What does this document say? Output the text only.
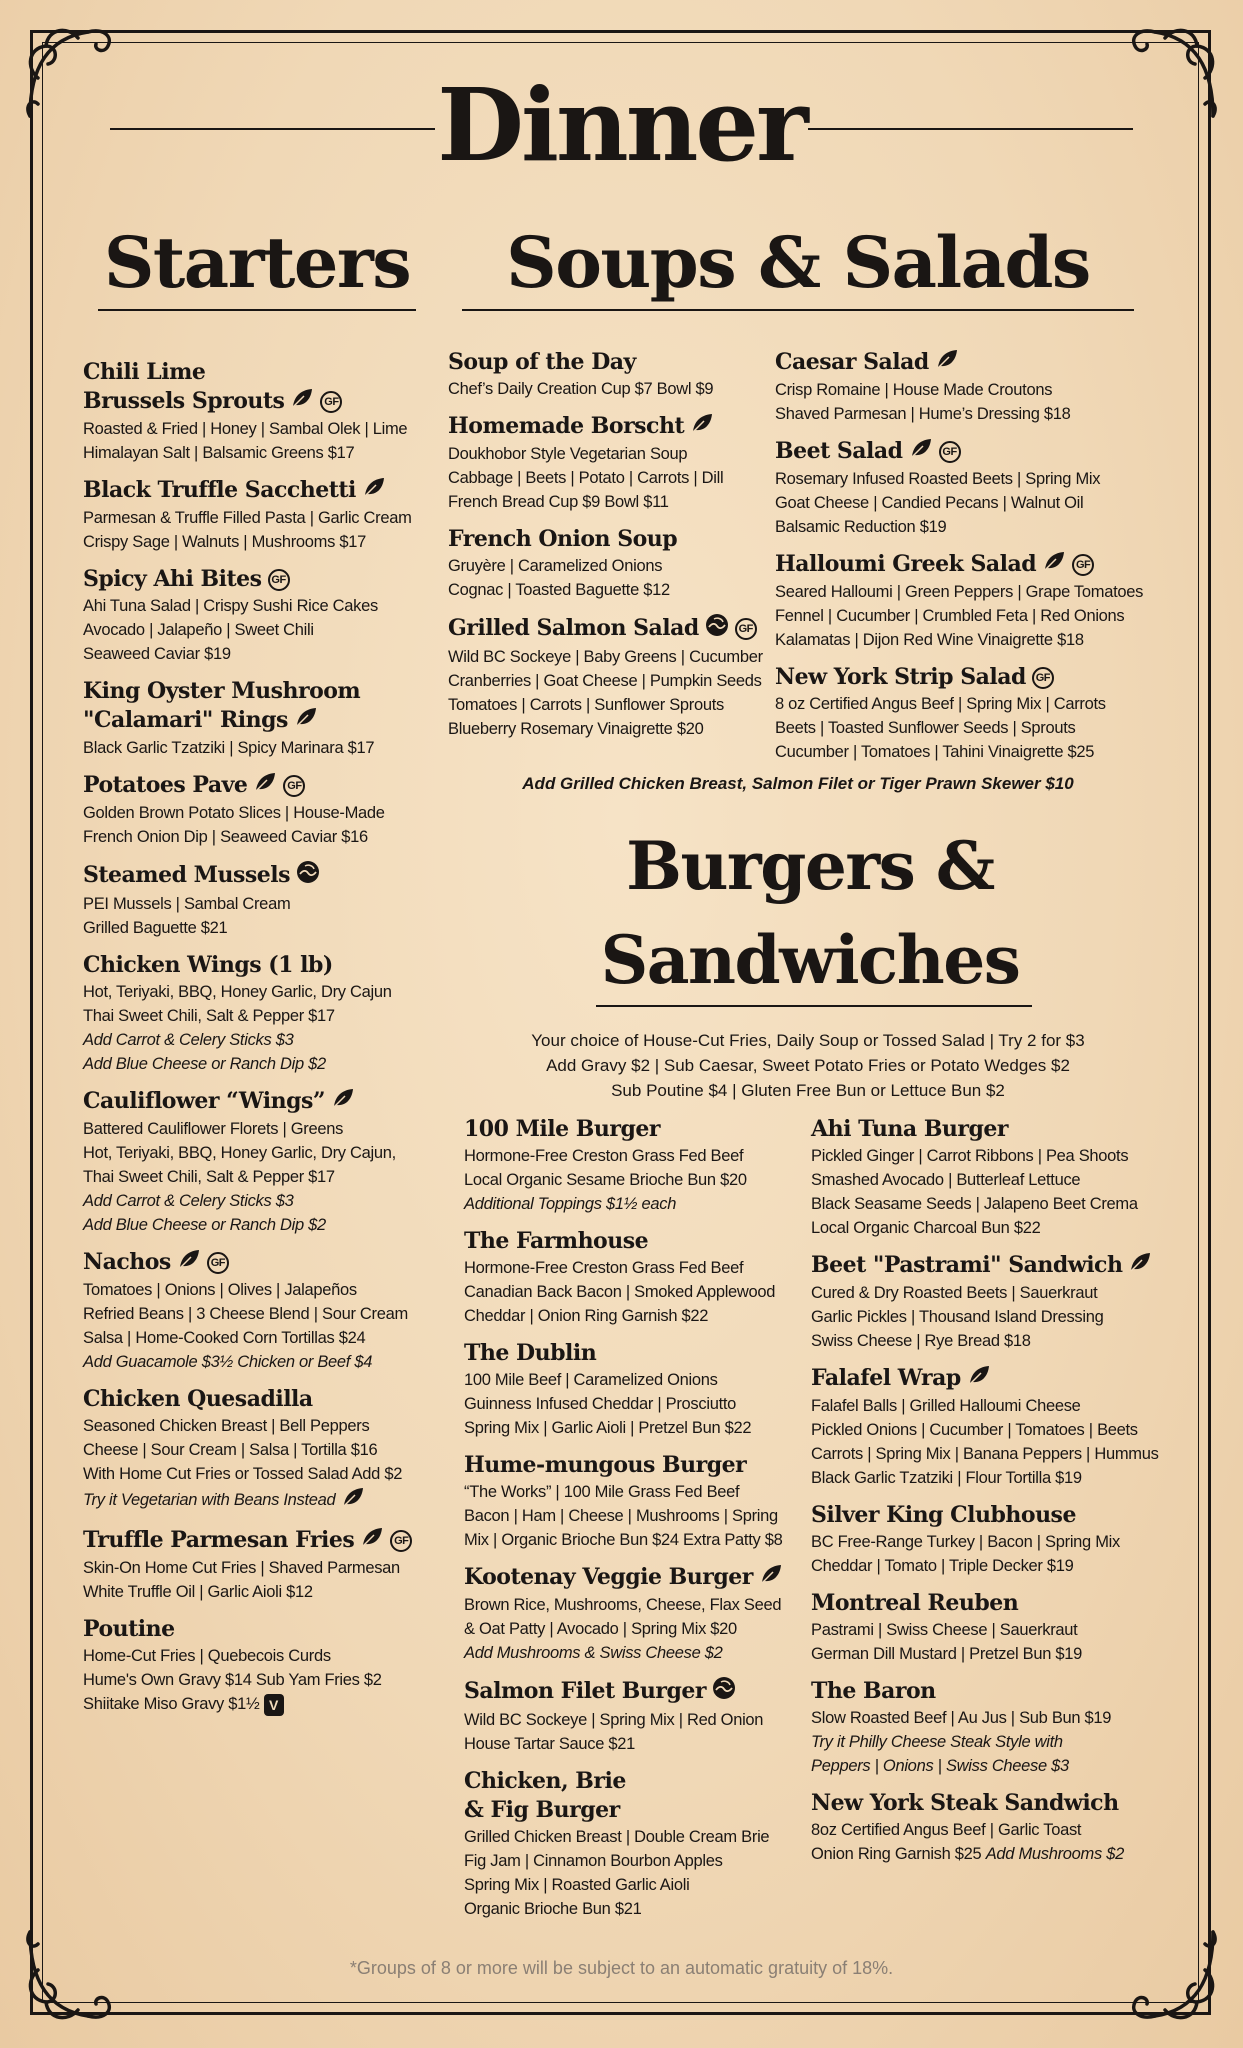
Dinner
Starters	Soups & Salads
Chili Lime
Brussels Sprouts	GF
Roasted & Fried | Honey | Sambal Olek | Lime
Himalayan Salt | Balsamic Greens $17
Black Truffle Sacchetti
Parmesan & Truffle Filled Pasta | Garlic Cream
Crispy Sage | Walnuts | Mushrooms $17
Spicy Ahi Bites GF
Ahi Tuna Salad | Crispy Sushi Rice Cakes
Avocado | Jalapeño | Sweet Chili
Seaweed Caviar $19
King Oyster Mushroom
"Calamari" Rings
Black Garlic Tzatziki | Spicy Marinara $17
Potatoes Pave	GF
Golden Brown Potato Slices | House-Made
French Onion Dip | Seaweed Caviar $16
Steamed Mussels
PEI Mussels | Sambal Cream
Grilled Baguette $21
Chicken Wings (1 lb)
Hot, Teriyaki, BBQ, Honey Garlic, Dry Cajun
Thai Sweet Chili, Salt & Pepper $17
Add Carrot & Celery Sticks $3
Add Blue Cheese or Ranch Dip $2
Cauliflower “Wings”
Battered Cauliflower Florets | Greens
Hot, Teriyaki, BBQ, Honey Garlic, Dry Cajun,
Thai Sweet Chili, Salt & Pepper $17
Add Carrot & Celery Sticks $3
Add Blue Cheese or Ranch Dip $2
Nachos	GF
Tomatoes | Onions | Olives | Jalapeños
Refried Beans | 3 Cheese Blend | Sour Cream
Salsa | Home-Cooked Corn Tortillas $24
Add Guacamole $3½ Chicken or Beef $4
Chicken Quesadilla
Seasoned Chicken Breast | Bell Peppers
Cheese | Sour Cream | Salsa | Tortilla $16
With Home Cut Fries or Tossed Salad Add $2
Try it Vegetarian with Beans Instead
Truffle Parmesan Fries	GF
Skin-On Home Cut Fries | Shaved Parmesan
White Truffle Oil | Garlic Aioli $12
Poutine
Home-Cut Fries | Quebecois Curds
Hume's Own Gravy $14 Sub Yam Fries $2
Shiitake Miso Gravy $1½ V
Soup of the Day
Chef’s Daily Creation Cup $7 Bowl $9
Homemade Borscht
Doukhobor Style Vegetarian Soup
Cabbage | Beets | Potato | Carrots | Dill
French Bread Cup $9 Bowl $11
French Onion Soup
Gruyère | Caramelized Onions
Cognac | Toasted Baguette $12
Grilled Salmon Salad	GF
Wild BC Sockeye | Baby Greens | Cucumber
Cranberries | Goat Cheese | Pumpkin Seeds
Tomatoes | Carrots | Sunflower Sprouts
Blueberry Rosemary Vinaigrette $20
Caesar Salad
Crisp Romaine | House Made Croutons
Shaved Parmesan | Hume’s Dressing $18
Beet Salad	GF
Rosemary Infused Roasted Beets | Spring Mix
Goat Cheese | Candied Pecans | Walnut Oil
Balsamic Reduction $19
Halloumi Greek Salad	GF
Seared Halloumi | Green Peppers | Grape Tomatoes
Fennel | Cucumber | Crumbled Feta | Red Onions
Kalamatas | Dijon Red Wine Vinaigrette $18
New York Strip Salad GF
8 oz Certified Angus Beef | Spring Mix | Carrots
Beets | Toasted Sunflower Seeds | Sprouts
Cucumber | Tomatoes | Tahini Vinaigrette $25
Add Grilled Chicken Breast, Salmon Filet or Tiger Prawn Skewer $10
Burgers &
Sandwiches
Your choice of House-Cut Fries, Daily Soup or Tossed Salad | Try 2 for $3
Add Gravy $2 | Sub Caesar, Sweet Potato Fries or Potato Wedges $2
Sub Poutine $4 | Gluten Free Bun or Lettuce Bun $2
100 Mile Burger
Hormone-Free Creston Grass Fed Beef
Local Organic Sesame Brioche Bun $20
Additional Toppings $1½ each
The Farmhouse
Hormone-Free Creston Grass Fed Beef
Canadian Back Bacon | Smoked Applewood
Cheddar | Onion Ring Garnish $22
The Dublin
100 Mile Beef | Caramelized Onions
Guinness Infused Cheddar | Prosciutto
Spring Mix | Garlic Aioli | Pretzel Bun $22
Hume-mungous Burger
“The Works” | 100 Mile Grass Fed Beef
Bacon | Ham | Cheese | Mushrooms | Spring
Mix | Organic Brioche Bun $24 Extra Patty $8
Kootenay Veggie Burger
Brown Rice, Mushrooms, Cheese, Flax Seed
& Oat Patty | Avocado | Spring Mix $20
Add Mushrooms & Swiss Cheese $2
Salmon Filet Burger
Wild BC Sockeye | Spring Mix | Red Onion
House Tartar Sauce $21
Chicken, Brie
& Fig Burger
Grilled Chicken Breast | Double Cream Brie
Fig Jam | Cinnamon Bourbon Apples
Spring Mix | Roasted Garlic Aioli
Organic Brioche Bun $21
Ahi Tuna Burger
Pickled Ginger | Carrot Ribbons | Pea Shoots
Smashed Avocado | Butterleaf Lettuce
Black Seasame Seeds | Jalapeno Beet Crema
Local Organic Charcoal Bun $22
Beet "Pastrami" Sandwich
Cured & Dry Roasted Beets | Sauerkraut
Garlic Pickles | Thousand Island Dressing
Swiss Cheese | Rye Bread $18
Falafel Wrap
Falafel Balls | Grilled Halloumi Cheese
Pickled Onions | Cucumber | Tomatoes | Beets
Carrots | Spring Mix | Banana Peppers | Hummus
Black Garlic Tzatziki | Flour Tortilla $19
Silver King Clubhouse
BC Free-Range Turkey | Bacon | Spring Mix
Cheddar | Tomato | Triple Decker $19
Montreal Reuben
Pastrami | Swiss Cheese | Sauerkraut
German Dill Mustard | Pretzel Bun $19
The Baron
Slow Roasted Beef | Au Jus | Sub Bun $19
Try it Philly Cheese Steak Style with
Peppers | Onions | Swiss Cheese $3
New York Steak Sandwich
8oz Certified Angus Beef | Garlic Toast
Onion Ring Garnish $25 Add Mushrooms $2
*Groups of 8 or more will be subject to an automatic gratuity of 18%.
